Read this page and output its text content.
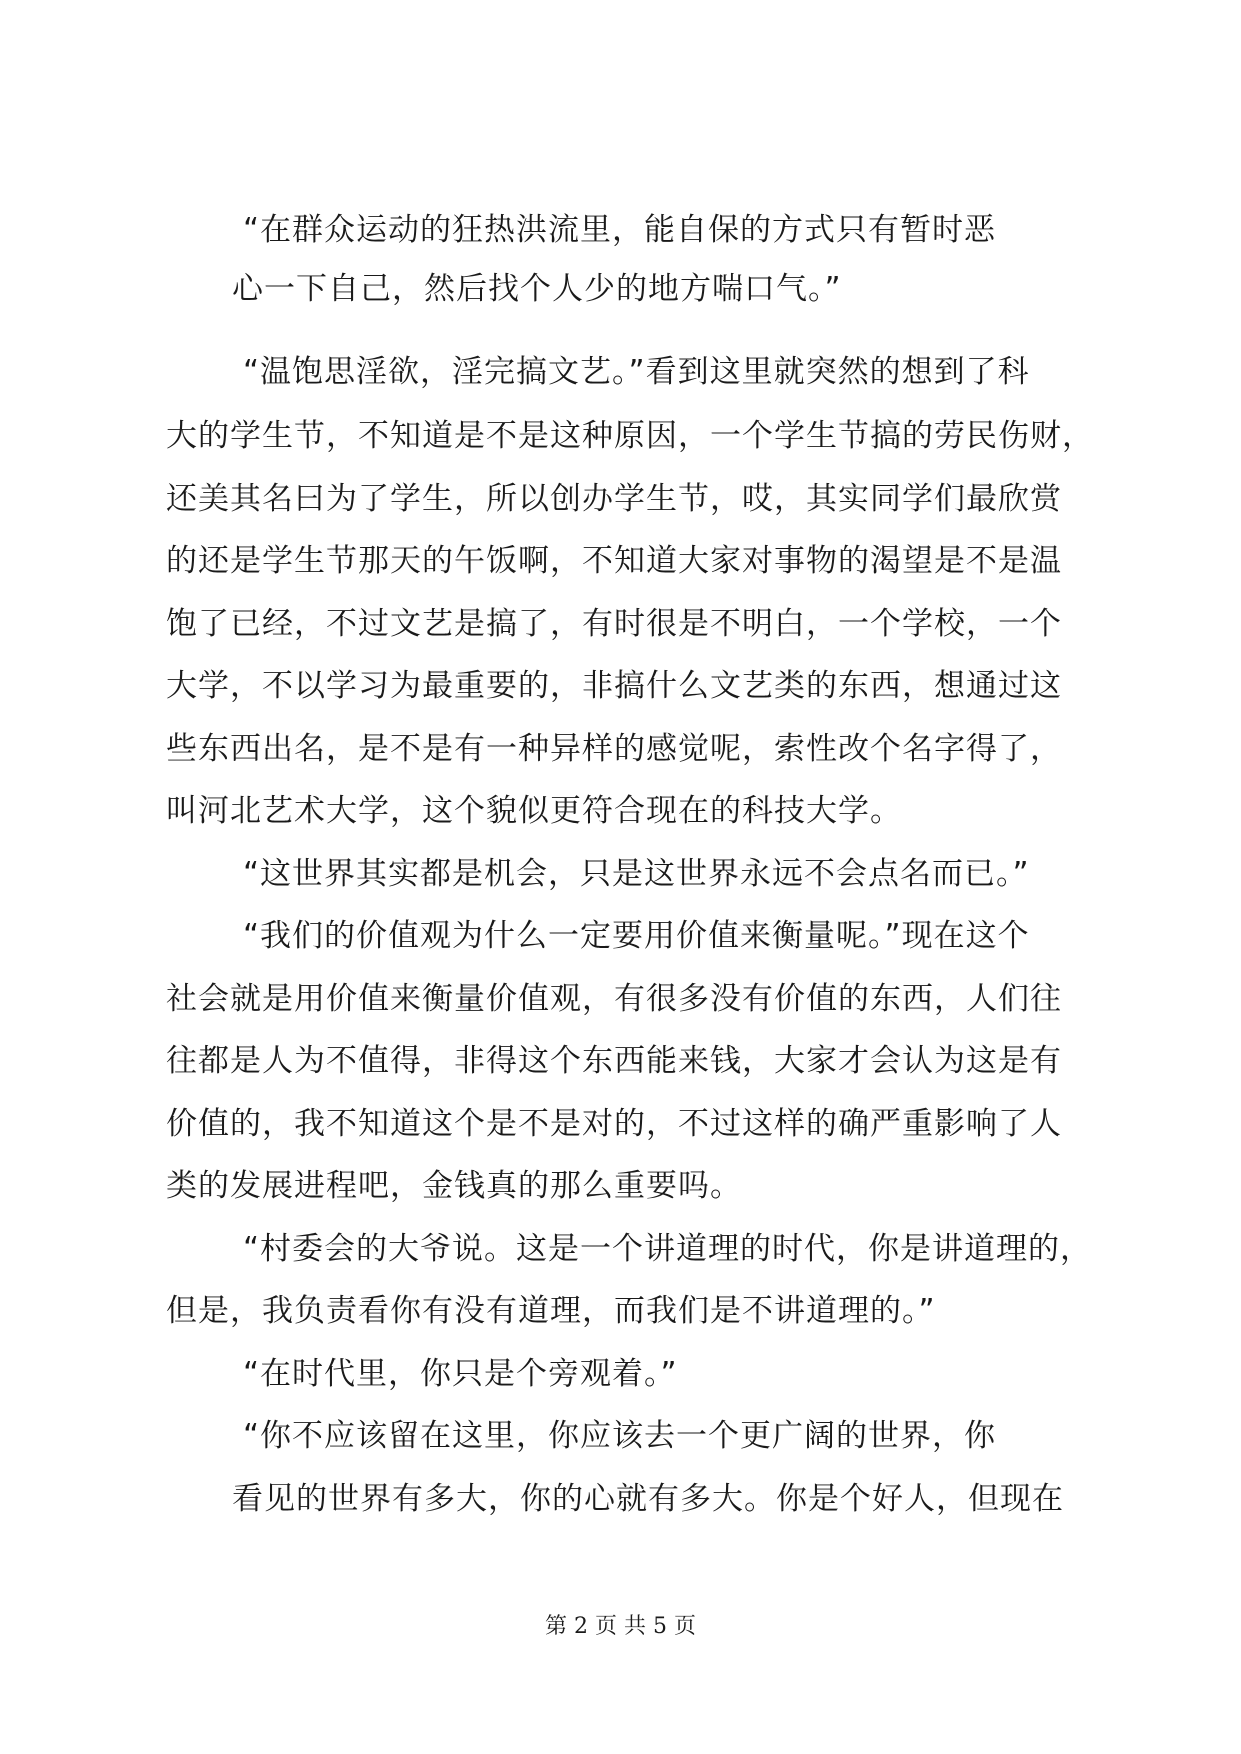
“在群众运动的狂热洪流里，能自保的方式只有暂时恶
心一下自己，然后找个人少的地方喘口气。”
“温饱思淫欲，淫完搞文艺。”看到这里就突然的想到了科
大的学生节，不知道是不是这种原因，一个学生节搞的劳民伤财，
还美其名曰为了学生，所以创办学生节，哎，其实同学们最欣赏
的还是学生节那天的午饭啊，不知道大家对事物的渴望是不是温
饱了已经，不过文艺是搞了，有时很是不明白，一个学校，一个
大学，不以学习为最重要的，非搞什么文艺类的东西，想通过这
些东西出名，是不是有一种异样的感觉呢，索性改个名字得了，
叫河北艺术大学，这个貌似更符合现在的科技大学。
“这世界其实都是机会，只是这世界永远不会点名而已。”
“我们的价值观为什么一定要用价值来衡量呢。”现在这个
社会就是用价值来衡量价值观，有很多没有价值的东西，人们往
往都是人为不值得，非得这个东西能来钱，大家才会认为这是有
价值的，我不知道这个是不是对的，不过这样的确严重影响了人
类的发展进程吧，金钱真的那么重要吗。
“村委会的大爷说。这是一个讲道理的时代，你是讲道理的，
但是，我负责看你有没有道理，而我们是不讲道理的。”
“在时代里，你只是个旁观着。”
“你不应该留在这里，你应该去一个更广阔的世界，你
看见的世界有多大，你的心就有多大。你是个好人，但现在
第 2 页 共 5 页
